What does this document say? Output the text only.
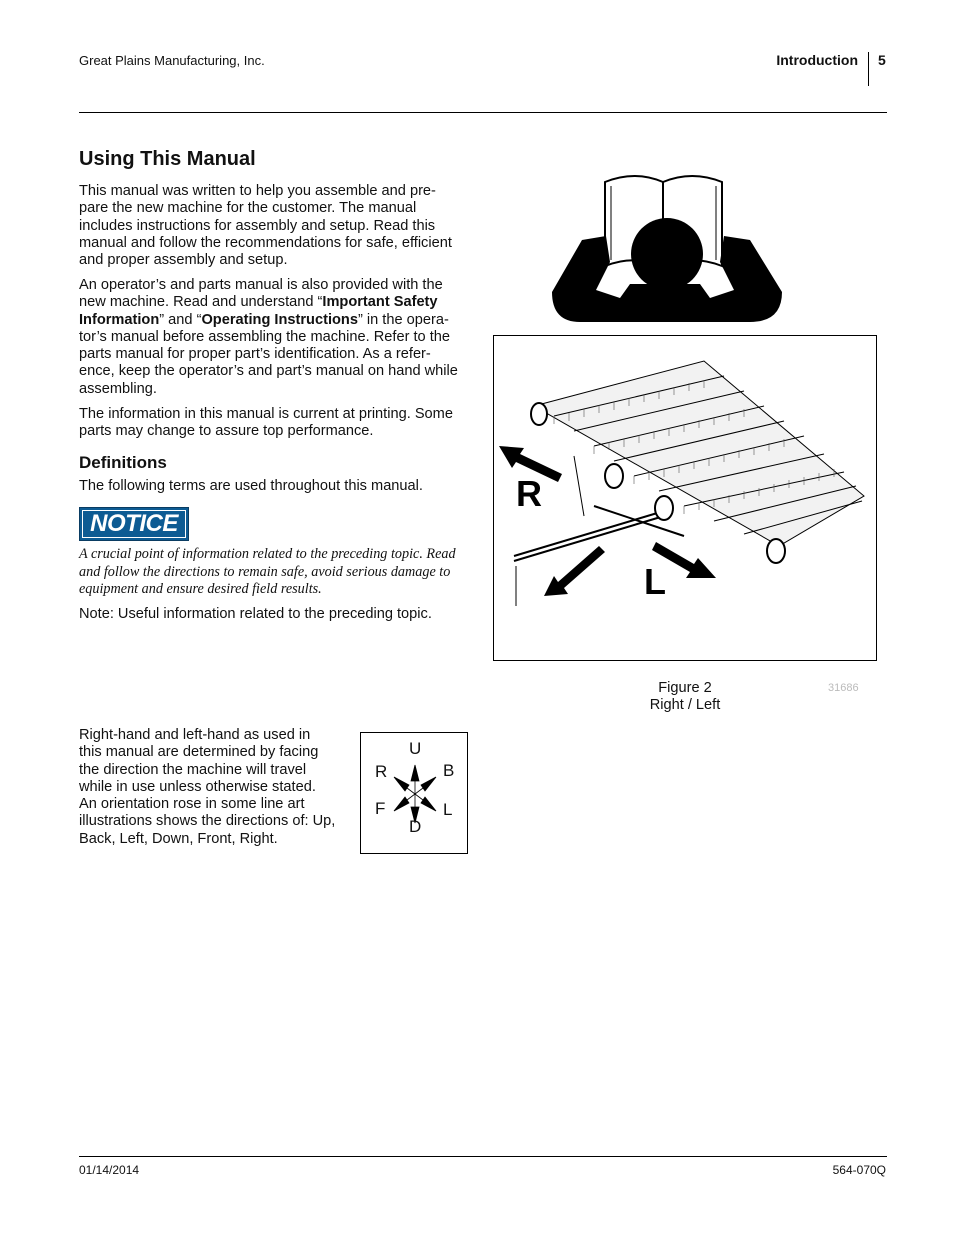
Great Plains Manufacturing, Inc.	Introduction 5
Using This Manual
This manual was written to help you assemble and pre-
pare the new machine for the customer. The manual
includes instructions for assembly and setup. Read this
manual and follow the recommendations for safe, efficient
and proper assembly and setup.
An operator’s and parts manual is also provided with the
new machine. Read and understand “Important Safety
Information” and “Operating Instructions” in the opera-
tor’s manual before assembling the machine. Refer to the
parts manual for proper part’s identification. As a refer-
ence, keep the operator’s and part’s manual on hand while
assembling.
The information in this manual is current at printing. Some
parts may change to assure top performance.
Definitions
The following terms are used throughout this manual.
NOTICE
A crucial point of information related to the preceding topic. Read
and follow the directions to remain safe, avoid serious damage to
equipment and ensure desired field results.
Note: Useful information related to the preceding topic.
R
L
Figure 2
Right / Left
31686
Right-hand and left-hand as used in
this manual are determined by facing
the direction the machine will travel
while in use unless otherwise stated.
An orientation rose in some line art
illustrations shows the directions of: Up,
Back, Left, Down, Front, Right.
U
R	B
F	L
D
01/14/2014	564-070Q
